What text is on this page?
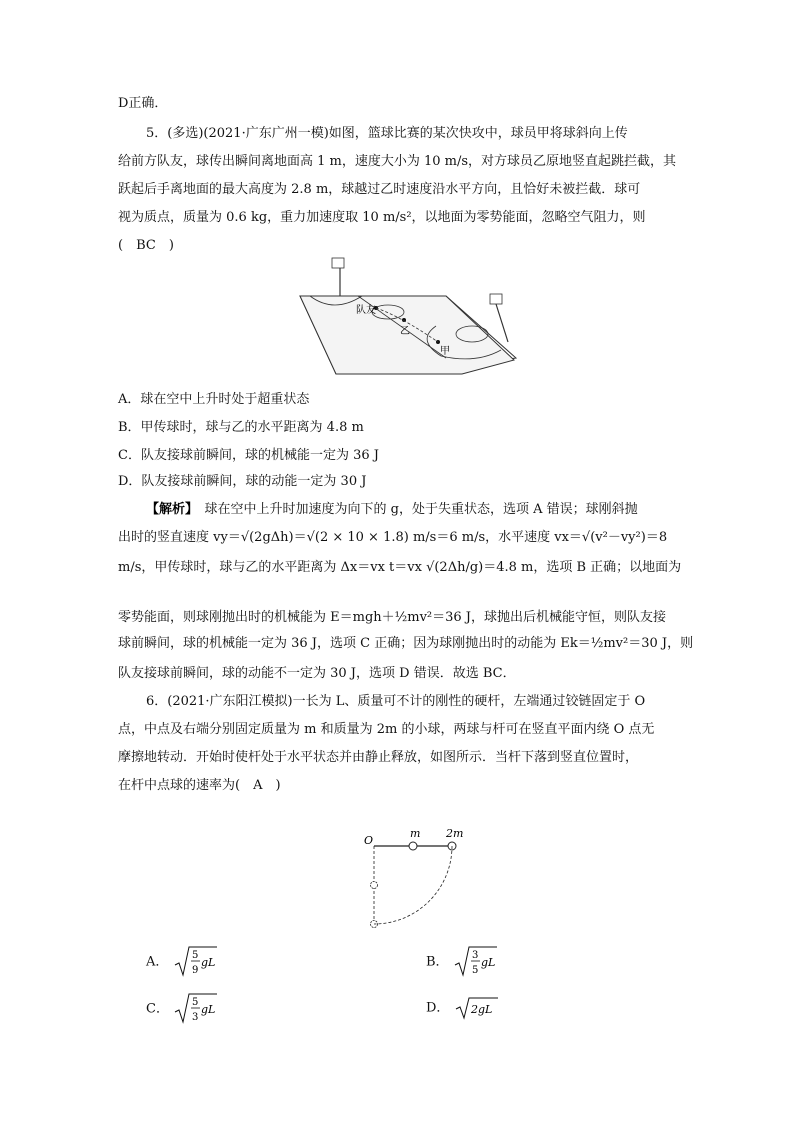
D正确．
5．(多选)(2021·广东广州一模)如图，篮球比赛的某次快攻中，球员甲将球斜向上传
给前方队友，球传出瞬间离地面高 1 m，速度大小为 10 m/s，对方球员乙原地竖直起跳拦截，其
跃起后手离地面的最大高度为 2.8 m，球越过乙时速度沿水平方向，且恰好未被拦截．球可
视为质点，质量为 0.6 kg，重力加速度取 10 m/s²，以地面为零势能面，忽略空气阻力，则
(　BC　)
队友
乙
甲
A．球在空中上升时处于超重状态
B．甲传球时，球与乙的水平距离为 4.8 m
C．队友接球前瞬间，球的机械能一定为 36 J
D．队友接球前瞬间，球的动能一定为 30 J
【解析】　球在空中上升时加速度为向下的 g，处于失重状态，选项 A 错误；球刚斜抛
出时的竖直速度 vy＝√(2gΔh)＝√(2 × 10 × 1.8) m/s＝6 m/s，水平速度 vx＝√(v²－vy²)＝8
m/s，甲传球时，球与乙的水平距离为 Δx＝vx t＝vx √(2Δh/g)＝4.8 m，选项 B 正确；以地面为
零势能面，则球刚抛出时的机械能为 E＝mgh＋½mv²＝36 J，球抛出后机械能守恒，则队友接
球前瞬间，球的机械能一定为 36 J，选项 C 正确；因为球刚抛出时的动能为 Ek＝½mv²＝30 J，则
队友接球前瞬间，球的动能不一定为 30 J，选项 D 错误．故选 BC．
6．(2021·广东阳江模拟)一长为 L、质量可不计的刚性的硬杆，左端通过铰链固定于 O
点，中点及右端分别固定质量为 m 和质量为 2m 的小球，两球与杆可在竖直平面内绕 O 点无
摩擦地转动．开始时使杆处于水平状态并由静止释放，如图所示．当杆下落到竖直位置时，
在杆中点球的速率为(　A　)
O
m 2m
A． 5
9
gL	B． 3
5
gL
C． 5
3
gL	D． 2gL
